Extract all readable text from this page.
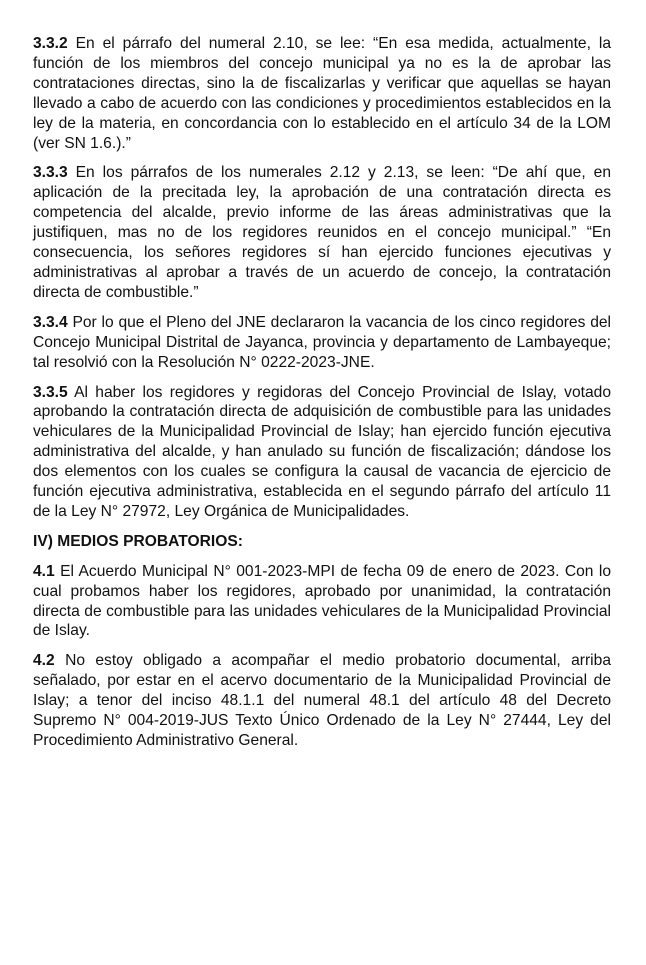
3.3.2 En el párrafo del numeral 2.10, se lee: “En esa medida, actualmente, la función de los miembros del concejo municipal ya no es la de aprobar las contrataciones directas, sino la de fiscalizarlas y verificar que aquellas se hayan llevado a cabo de acuerdo con las condiciones y procedimientos establecidos en la ley de la materia, en concordancia con lo establecido en el artículo 34 de la LOM (ver SN 1.6.).”

3.3.3 En los párrafos de los numerales 2.12 y 2.13, se leen: “De ahí que, en aplicación de la precitada ley, la aprobación de una contratación directa es competencia del alcalde, previo informe de las áreas administrativas que la justifiquen, mas no de los regidores reunidos en el concejo municipal.” “En consecuencia, los señores regidores sí han ejercido funciones ejecutivas y administrativas al aprobar a través de un acuerdo de concejo, la contratación directa de combustible.”

3.3.4 Por lo que el Pleno del JNE declararon la vacancia de los cinco regidores del Concejo Municipal Distrital de Jayanca, provincia y departamento de Lambayeque; tal resolvió con la Resolución N° 0222-2023-JNE.

3.3.5 Al haber los regidores y regidoras del Concejo Provincial de Islay, votado aprobando la contratación directa de adquisición de combustible para las unidades vehiculares de la Municipalidad Provincial de Islay; han ejercido función ejecutiva administrativa del alcalde, y han anulado su función de fiscalización; dándose los dos elementos con los cuales se configura la causal de vacancia de ejercicio de función ejecutiva administrativa, establecida en el segundo párrafo del artículo 11 de la Ley N° 27972, Ley Orgánica de Municipalidades.

IV) MEDIOS PROBATORIOS:

4.1 El Acuerdo Municipal N° 001-2023-MPI de fecha 09 de enero de 2023. Con lo cual probamos haber los regidores, aprobado por unanimidad, la contratación directa de combustible para las unidades vehiculares de la Municipalidad Provincial de Islay.

4.2 No estoy obligado a acompañar el medio probatorio documental, arriba señalado, por estar en el acervo documentario de la Municipalidad Provincial de Islay; a tenor del inciso 48.1.1 del numeral 48.1 del artículo 48 del Decreto Supremo N° 004-2019-JUS Texto Único Ordenado de la Ley N° 27444, Ley del Procedimiento Administrativo General.
